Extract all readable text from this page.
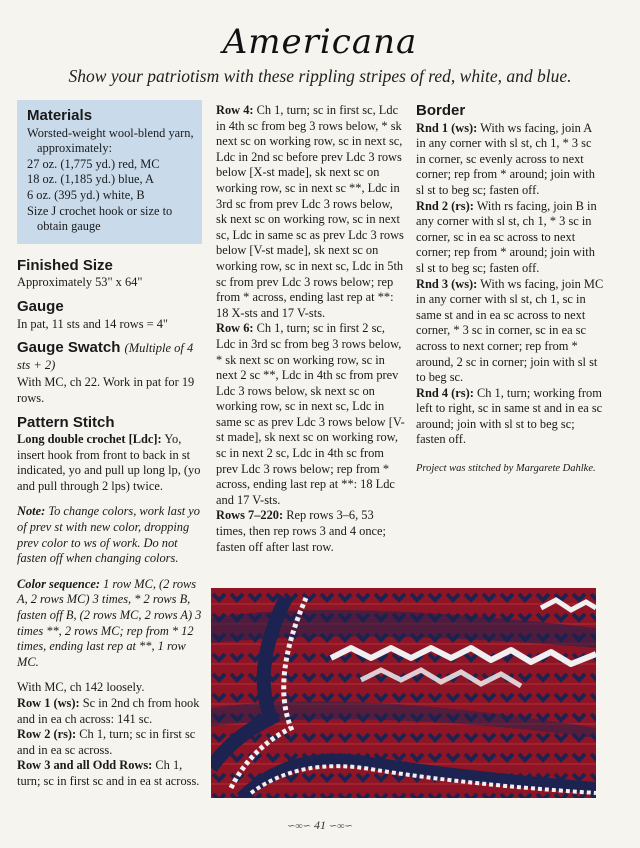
Americana
Show your patriotism with these rippling stripes of red, white, and blue.
Materials
Worsted-weight wool-blend yarn, approximately:
27 oz. (1,775 yd.) red, MC
18 oz. (1,185 yd.) blue, A
6 oz. (395 yd.) white, B
Size J crochet hook or size to obtain gauge
Finished Size

Approximately 53" x 64"

Gauge

In pat, 11 sts and 14 rows = 4"

Gauge Swatch (Multiple of 4 sts + 2)

With MC, ch 22. Work in pat for 19 rows.

Pattern Stitch

Long double crochet [Ldc]: Yo, insert hook from front to back in st indicated, yo and pull up long lp, (yo and pull through 2 lps) twice.

Note: To change colors, work last yo of prev st with new color, dropping prev color to ws of work. Do not fasten off when changing colors.

Color sequence: 1 row MC, (2 rows A, 2 rows MC) 3 times, * 2 rows B, fasten off B, (2 rows MC, 2 rows A) 3 times **, 2 rows MC; rep from * 12 times, ending last rep at **, 1 row MC.

With MC, ch 142 loosely.

Row 1 (ws): Sc in 2nd ch from hook and in ea ch across: 141 sc.

Row 2 (rs): Ch 1, turn; sc in first sc and in ea sc across.

Row 3 and all Odd Rows: Ch 1, turn; sc in first sc and in ea st across.

Row 4: Ch 1, turn; sc in first sc, Ldc in 4th sc from beg 3 rows below, * sk next sc on working row, sc in next sc, Ldc in 2nd sc before prev Ldc 3 rows below [X-st made], sk next sc on working row, sc in next sc **, Ldc in 3rd sc from prev Ldc 3 rows below, sk next sc on working row, sc in next sc, Ldc in same sc as prev Ldc 3 rows below [V-st made], sk next sc on working row, sc in next sc, Ldc in 5th sc from prev Ldc 3 rows below; rep from * across, ending last rep at **: 18 X-sts and 17 V-sts.

Row 6: Ch 1, turn; sc in first 2 sc, Ldc in 3rd sc from beg 3 rows below, * sk next sc on working row, sc in next 2 sc **, Ldc in 4th sc from prev Ldc 3 rows below, sk next sc on working row, sc in next sc, Ldc in same sc as prev Ldc 3 rows below [V-st made], sk next sc on working row, sc in next 2 sc, Ldc in 4th sc from prev Ldc 3 rows below; rep from * across, ending last rep at **: 18 Ldc and 17 V-sts.

Rows 7–220: Rep rows 3–6, 53 times, then rep rows 3 and 4 once; fasten off after last row.

Border

Rnd 1 (ws): With ws facing, join A in any corner with sl st, ch 1, * 3 sc in corner, sc evenly across to next corner; rep from * around; join with sl st to beg sc; fasten off.

Rnd 2 (rs): With rs facing, join B in any corner with sl st, ch 1, * 3 sc in corner, sc in ea sc across to next corner; rep from * around; join with sl st to beg sc; fasten off.

Rnd 3 (ws): With ws facing, join MC in any corner with sl st, ch 1, sc in same st and in ea sc across to next corner, * 3 sc in corner, sc in ea sc across to next corner; rep from * around, 2 sc in corner; join with sl st to beg sc.

Rnd 4 (rs): Ch 1, turn; working from left to right, sc in same st and in ea sc around; join with sl st to beg sc; fasten off.

Project was stitched by Margarete Dahlke.
∽∞∽ 41 ∽∞∽
